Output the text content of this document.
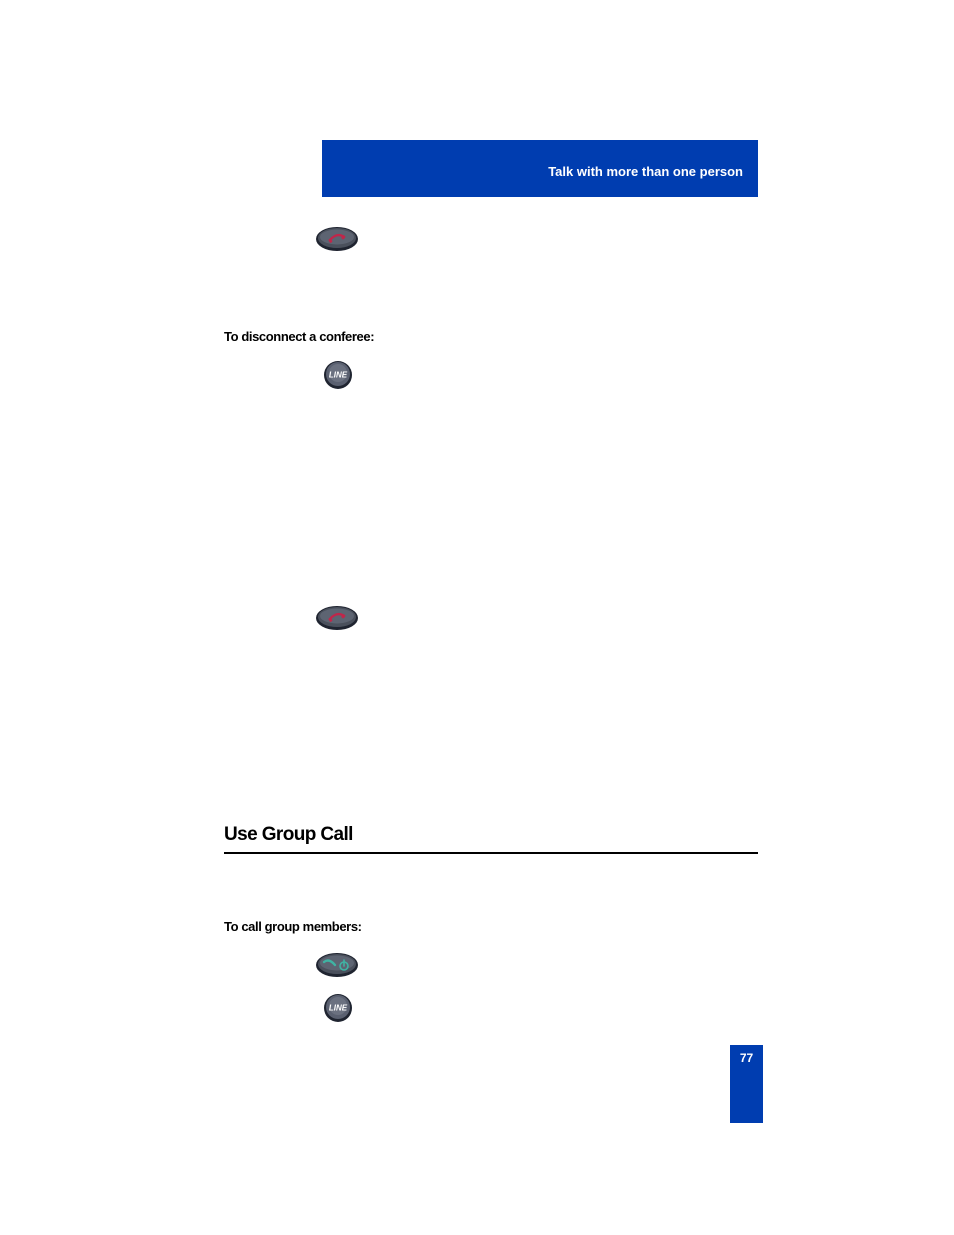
Talk with more than one person
To disconnect a conferee:
LINE
Use Group Call
To call group members:
LINE
77
